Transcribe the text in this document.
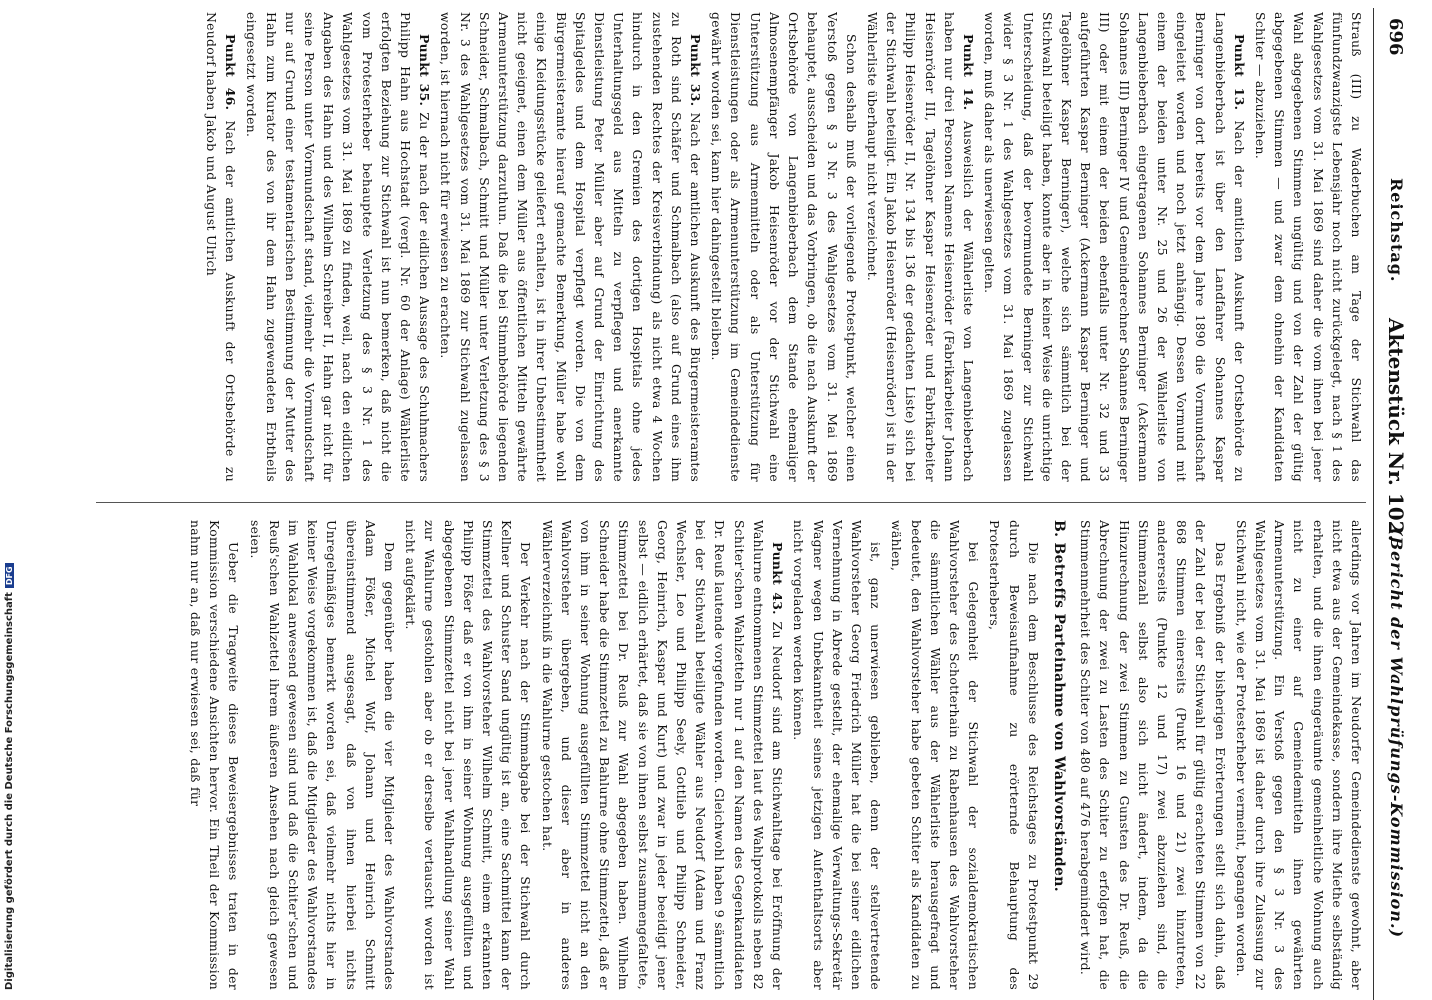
696
Reichstag.
Aktenstück Nr. 102.
(Bericht der Wahlprüfungs-Kommission.)

Strauß (III) zu Waderbuchen am Tage der Stichwahl das fünfundzwanzigste Lebensjahr noch nicht zurückgelegt, nach § 1 des Wahlgesetzes vom 31. Mai 1869 sind daher die vom ihnen bei jener Wahl abgegebenen Stimmen ungültig und von der Zahl der gültig abgegebenen Stimmen — und zwar dem ohnehin der Kandidaten Schiter — abzuziehen.

Punkt 13. Nach der amtlichen Auskunft der Ortsbehörde zu Langenbieberbach ist über den Landfahrer Sohannes Kaspar Berninger von dort bereits vor dem Jahre 1890 die Vormundschaft eingeleitet worden und noch jetzt anhängig. Dessen Vormund mit einem der beiden unter Nr. 25 und 26 der Wählerliste von Langenbieberbach eingetragenen Sohannes Berninger (Ackermann Sohannes III) Berninger IV und Gemeinderechner Sohannes Berninger III) oder mit einem der beiden ebenfalls unter Nr. 32 und 33 aufgeführten Kaspar Berninger (Ackermann Kaspar Berninger und Tagelöhner Kaspar Berninger), welche sich sämmtlich bei der Stichwahl beteiligt haben, konnte aber in keiner Weise die unrichtige Unterscheidung, daß der bevormundete Berninger zur Stichwahl wider § 3 Nr. 1 des Wahlgesetzes vom 31. Mai 1869 zugelassen worden, muß daher als unerwiesen gelten.

Punkt 14. Ausweislich der Wählerliste von Langenbieberbach haben nur drei Personen Namens Heisenröder (Fabrikarbeiter Johann Heisenröder III, Tagelöhner Kaspar Heisenröder und Fabrikarbeiter Philipp Heisenröder II, Nr. 134 bis 136 der gedachten Liste) sich bei der Stichwahl beteiligt. Ein Jakob Heisenröder (Heisenröder) ist in der Wählerliste überhaupt nicht verzeichnet.

Schon deshalb muß der vorliegende Protestpunkt, welcher einen Verstoß gegen § 3 Nr. 3 des Wahlgesetzes vom 31. Mai 1869 behauptet, ausscheiden und das Vorbringen, ob die nach Auskunft der Ortsbehörde von Langenbieberbach dem Stande ehemaliger Almosenempfänger Jakob Heisenröder vor der Stichwahl eine Unterstützung aus Armenmitteln oder als Unterstützung für Dienstleistungen oder als Armenunterstützung im Gemeindedienste gewährt worden sei, kann hier dahingestellt bleiben.

Punkt 33. Nach der amtlichen Auskunft des Bürgermeisteramtes zu Roth sind Schäfer und Schmalbach (also auf Grund eines ihm zustehenden Rechtes der Kreisverbindung) als nicht etwa 4 Wochen hindurch in den Gremien des dortigen Hospitals ohne jedes Unterhaltungsgeld aus Mitteln zu verpflegen und anerkannte Dienstleistung Peter Müller aber auf Grund der Einrichtung des Spitalgeldes und dem Hospital verpflegt worden. Die von dem Bürgermeisteramte hierauf gemachte Bemerkung, Müller habe wohl einige Kleidungsstücke geliefert erhalten, ist in ihrer Unbestimmtheit nicht geeignet, einen dem Müller aus öffentlichen Mitteln gewährte Armenunterstützung darzuthun. Daß die bei Stimmbehörde liegenden Schneider, Schmalbach, Schmitt und Müller unter Verletzung des § 3 Nr. 3 des Wahlgesetzes vom 31. Mai 1869 zur Stichwahl zugelassen worden, ist hiernach nicht für erwiesen zu erachten.

Punkt 35. Zu der nach der eidlichen Aussage des Schuhmachers Philipp Hahn aus Hochstadt (vergl. Nr. 60 der Anlage) Wählerliste erfolgten Beziehung zur Stichwahl ist nun bemerken, daß nicht die vom Protesterheber behauptete Verletzung des § 3 Nr. 1 des Wahlgesetzes vom 31. Mai 1869 zu finden, weil, nach den eidlichen Angaben des Hahn und des Wilhelm Schreiber II, Hahn gar nicht für seine Person unter Vormundschaft stand, vielmehr die Vormundschaft nur auf Grund einer testamentarischen Bestimmung der Mutter des Hahn zum Kurator des von ihr dem Hahn zugewendeten Erbtheils eingesetzt worden.

Punkt 46. Nach der amtlichen Auskunft der Ortsbehörde zu Neudorf haben Jakob und August Ulrich

allerdings vor Jahren im Neudorfer Gemeindedienste gewohnt, aber nicht etwa aus der Gemeindekasse, sondern ihre Miethe selbständig erhalten, und die ihnen eingeräumte gemeinheitliche Wohnung auch nicht zu einer auf Gemeindemitteln ihnen gewährten Armenunterstützung. Ein Verstoß gegen den § 3 Nr. 3 des Wahlgesetzes vom 31. Mai 1869 ist daher durch ihre Zulassung zur Stichwahl nicht, wie der Protesterheber vermeint, begangen worden.

Das Ergebniß der bisherigen Erörterungen stellt sich dahin, daß der Zahl der bei der Stichwahl für gültig erachteten Stimmen von 22 868 Stimmen einerseits (Punkt 16 und 21) zwei hinzutreten, andererseits (Punkte 12 und 17) zwei abzuziehen sind, die Stimmenzahl selbst also sich nicht ändert, indem, da die Hinzurechnung der zwei Stimmen zu Gunsten des Dr. Reuß, die Abrechnung der zwei zu Lasten des Schiter zu erfolgen hat, die Stimmenmehrheit des Schiter von 480 auf 476 herabgemindert wird.

B. Betreffs Parteinahme von Wahlvorständen.

Die nach dem Beschlusse des Reichstages zu Protestpunkt 29 durch Beweisaufnahme zu erörternde Behauptung des Protesterhebers,

bei Gelegenheit der Stichwahl der sozialdemokratischen Wahlvorsteher des Schotterhain zu Rabenhausen des Wahlvorsteher die sämmtlichen Wähler aus der Wählerliste herausgefragt und bedeutet, den Wahlvorsteher habe gebeten Schiter als Kandidaten zu wählen,

ist, ganz unerwiesen geblieben, denn der stellvertretende Wahlvorsteher Georg Friedrich Müller hat die bei seiner eidlichen Vernehmung in Abrede gestellt, der ehemalige Verwaltungs-Sekretär Wagner wegen Unbekanntheit seines jetzigen Aufenthaltsorts aber nicht vorgeladen werden können.

Punkt 43. Zu Neudorf sind am Stichwahltage bei Eröffnung der Wahlurne entnommenen Stimmzettel laut des Wahlprotokolls neben 82 Schiter'schen Wahlzetteln nur 1 auf den Namen des Gegenkandidaten Dr. Reuß lautende vorgefunden worden. Gleichwohl haben 9 sämmtlich bei der Stichwahl beteiligte Wähler aus Neudorf (Adam und Franz Wechsler, Leo und Philipp Seely, Gottlieb und Philipp Schneider, Georg, Heinrich, Kaspar und Kurt) und zwar in jeder beeidigt jener selbst — eidlich erhärtet, daß sie von ihnen selbst zusammengefaltete, Stimmzettel bei Dr. Reuß zur Wahl abgegeben haben. Wilhelm Schneider habe die Stimmzettel zu Bahlurne ohne Stimmzettel, daß er von ihm in seiner Wohnung ausgefüllten Stimmzettel nicht an den Wahlvorsteher übergeben, und dieser aber in anderes Wählerverzeichniß in die Wahlurne gestochen hat.

Der Verkehr nach der Stimmabgabe bei der Stichwahl durch Kellner und Schuster Sand ungültig ist an, eine Sachmittel kann der Stimmzettel des Wahlvorsteher Wilhelm Schmitt, einem erkannten Philipp Fößer daß er von ihm in seiner Wohnung ausgefüllten und abgegebenen Stimmzettel nicht bei jener Wahlhandlung seiner Wahl zur Wahlurne gestohlen aber ob er derselbe vertauscht worden ist nicht aufgeklärt.

Dem gegenüber haben die vier Mitglieder des Wahlvorstandes Adam Fößer, Michel Wolf, Johann und Heinrich Schmitt übereinstimmend ausgesagt, daß von ihnen hierbei nichts Unregelmäßiges bemerkt worden sei, daß vielmehr nichts hier in keiner Weise vorgekommen ist, daß die Mitglieder des Wahlvorstandes im Wahllokal anwesend gewesen sind und daß die Schiter'schen und Reuß'schen Wahlzettel ihrem äußeren Ansehen nach gleich gewesen seien.

Ueber die Tragweite dieses Beweisergebnisses traten in der Kommission verschiedene Ansichten hervor. Ein Theil der Kommission nahm nur an, daß nur erwiesen sei, daß für

Digitalisierung gefördert durch die Deutsche ForschungsgemeinschaftDFG
